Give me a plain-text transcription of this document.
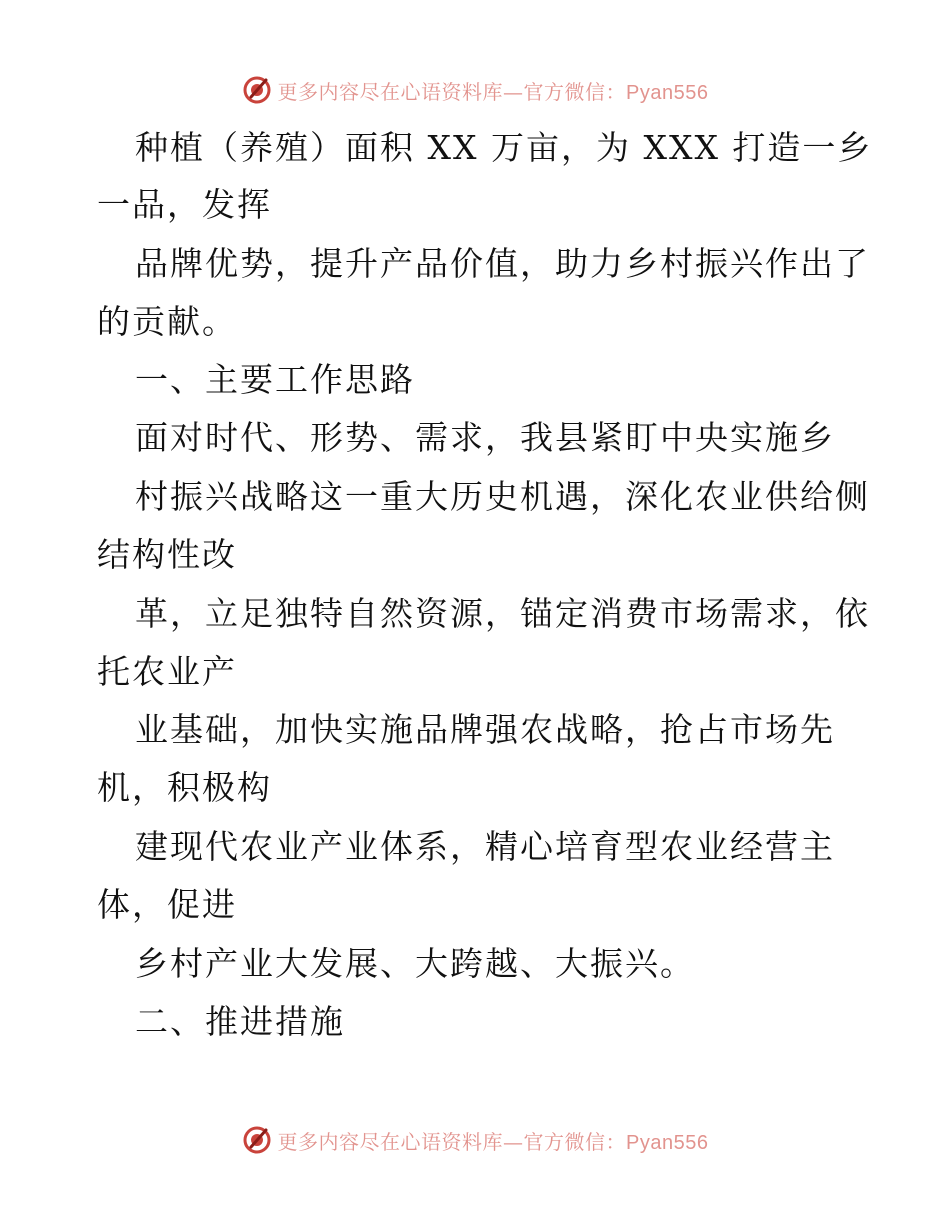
更多内容尽在心语资料库—官方微信：Pyan556
种植（养殖）面积 XX 万亩，为 XXX 打造一乡
一品，发挥
品牌优势，提升产品价值，助力乡村振兴作出了
的贡献。
一、主要工作思路
面对时代、形势、需求，我县紧盯中央实施乡
村振兴战略这一重大历史机遇，深化农业供给侧
结构性改
革，立足独特自然资源，锚定消费市场需求，依
托农业产
业基础，加快实施品牌强农战略，抢占市场先
机，积极构
建现代农业产业体系，精心培育型农业经营主
体，促进
乡村产业大发展、大跨越、大振兴。
二、推进措施
更多内容尽在心语资料库—官方微信：Pyan556
